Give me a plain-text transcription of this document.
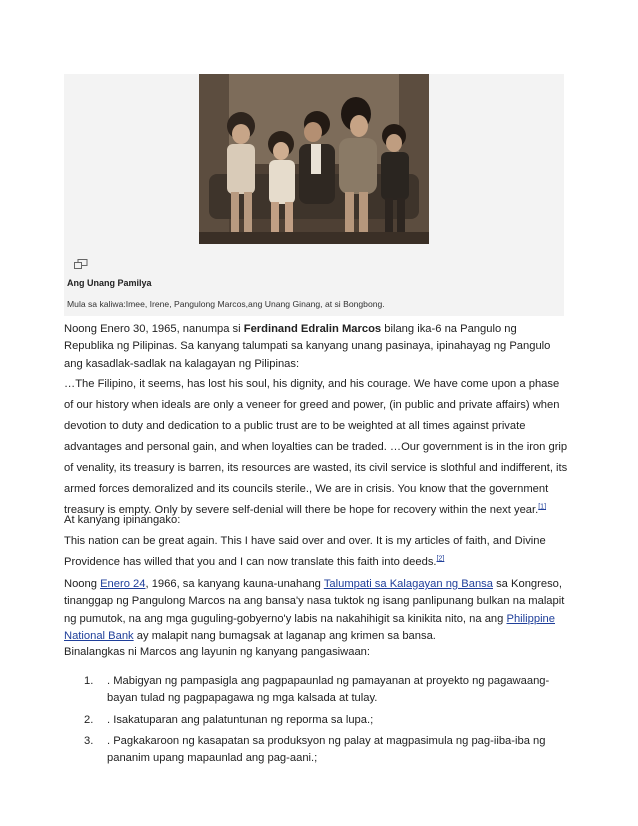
Ang Unang Pamilya
Mula sa kaliwa:Imee, Irene, Pangulong Marcos,ang Unang Ginang, at si Bongbong.
Noong Enero 30, 1965, nanumpa si Ferdinand Edralin Marcos bilang ika-6 na Pangulo ng Republika ng Pilipinas. Sa kanyang talumpati sa kanyang unang pasinaya, ipinahayag ng Pangulo ang kasadlak-sadlak na kalagayan ng Pilipinas:
…The Filipino, it seems, has lost his soul, his dignity, and his courage. We have come upon a phase of our history when ideals are only a veneer for greed and power, (in public and private affairs) when devotion to duty and dedication to a public trust are to be weighted at all times against private advantages and personal gain, and when loyalties can be traded. …Our government is in the iron grip of venality, its treasury is barren, its resources are wasted, its civil service is slothful and indifferent, its armed forces demoralized and its councils sterile., We are in crisis. You know that the government treasury is empty. Only by severe self-denial will there be hope for recovery within the next year.[1]
At kanyang ipinangako:
This nation can be great again. This I have said over and over. It is my articles of faith, and Divine Providence has willed that you and I can now translate this faith into deeds.[2]
Noong Enero 24, 1966, sa kanyang kauna-unahang Talumpati sa Kalagayan ng Bansa sa Kongreso, tinanggap ng Pangulong Marcos na ang bansa'y nasa tuktok ng isang panlipunang bulkan na malapit ng pumutok, na ang mga guguling-gobyerno'y labis na nakahihigit sa kinikita nito, na ang Philippine National Bank ay malapit nang bumagsak at laganap ang krimen sa bansa.
Binalangkas ni Marcos ang layunin ng kanyang pangasiwaan:
1. . Mabigyan ng pampasigla ang pagpapaunlad ng pamayanan at proyekto ng pagawaang-bayan tulad ng pagpapagawa ng mga kalsada at tulay.
2. . Isakatuparan ang palatuntunan ng reporma sa lupa.;
3. . Pagkakaroon ng kasapatan sa produksyon ng palay at magpasimula ng pag-iiba-iba ng pananim upang mapaunlad ang pag-aani.;
